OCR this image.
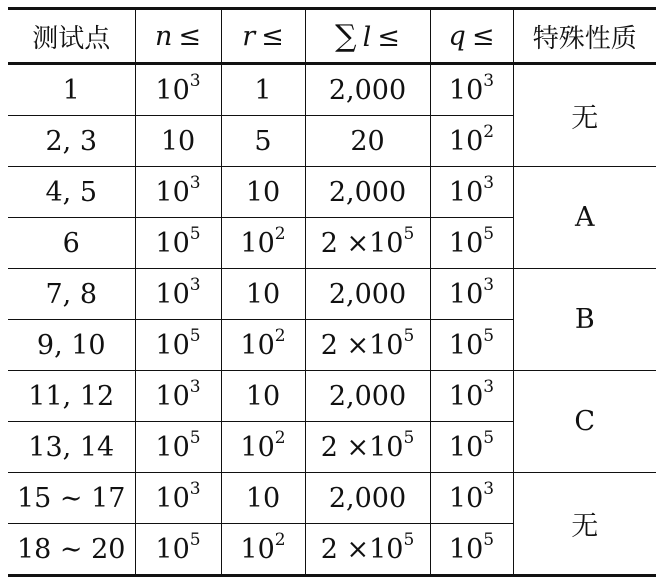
测试点	n ≤	r ≤	∑ l ≤	q ≤	特殊性质
1	$10^3$	1	2,000	$10^3$	无
2, 3	10	5	20	$10^2$
4, 5	$10^3$	10	2,000	$10^3$	A
6	$10^5$	$10^2$	$2 \times 10^5$	$10^5$
7, 8	$10^3$	10	2,000	$10^3$	B
9, 10	$10^5$	$10^2$	$2 \times 10^5$	$10^5$
11, 12	$10^3$	10	2,000	$10^3$	C
13, 14	$10^5$	$10^2$	$2 \times 10^5$	$10^5$
15 ∼ 17	$10^3$	10	2,000	$10^3$	无
18 ∼ 20	$10^5$	$10^2$	$2 \times 10^5$	$10^5$
